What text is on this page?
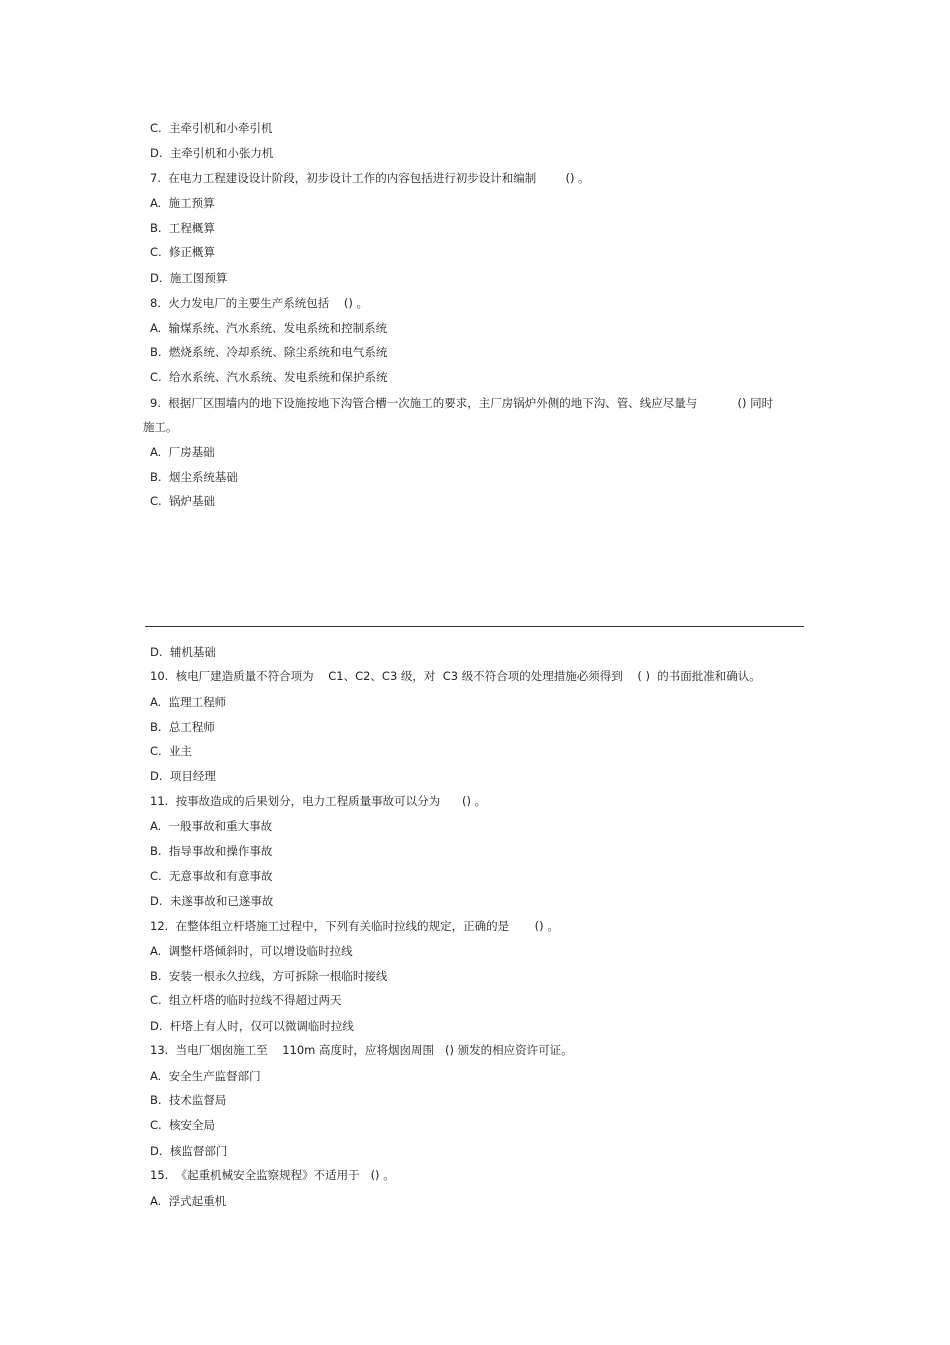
C.  主牵引机和小牵引机
D.  主牵引机和小张力机
7.  在电力工程建设设计阶段，初步设计工作的内容包括进行初步设计和编制        () 。
A.  施工预算
B.  工程概算
C.  修正概算
D.  施工图预算
8.  火力发电厂的主要生产系统包括    () 。
A.  输煤系统、汽水系统、发电系统和控制系统
B.  燃烧系统、冷却系统、除尘系统和电气系统
C.  给水系统、汽水系统、发电系统和保护系统
9.  根据厂区围墙内的地下设施按地下沟管合槽一次施工的要求，主厂房锅炉外侧的地下沟、管、线应尽量与           () 同时
施工。
A.  厂房基础
B.  烟尘系统基础
C.  锅炉基础
D.  辅机基础
10.  核电厂建造质量不符合项为    C1、C2、C3 级，对  C3 级不符合项的处理措施必须得到    ( )  的书面批准和确认。
A.  监理工程师
B.  总工程师
C.  业主
D.  项目经理
11.  按事故造成的后果划分，电力工程质量事故可以分为      () 。
A.  一般事故和重大事故
B.  指导事故和操作事故
C.  无意事故和有意事故
D.  未遂事故和已遂事故
12.  在整体组立杆塔施工过程中，下列有关临时拉线的规定，正确的是       () 。
A.  调整杆塔倾斜时，可以增设临时拉线
B.  安装一根永久拉线，方可拆除一根临时接线
C.  组立杆塔的临时拉线不得超过两天
D.  杆塔上有人时，仅可以微调临时拉线
13.  当电厂烟囱施工至    110m 高度时，应将烟囱周围   () 颁发的相应资许可证。
A.  安全生产监督部门
B.  技术监督局
C.  核安全局
D.  核监督部门
15.  《起重机械安全监察规程》不适用于   () 。
A.  浮式起重机
